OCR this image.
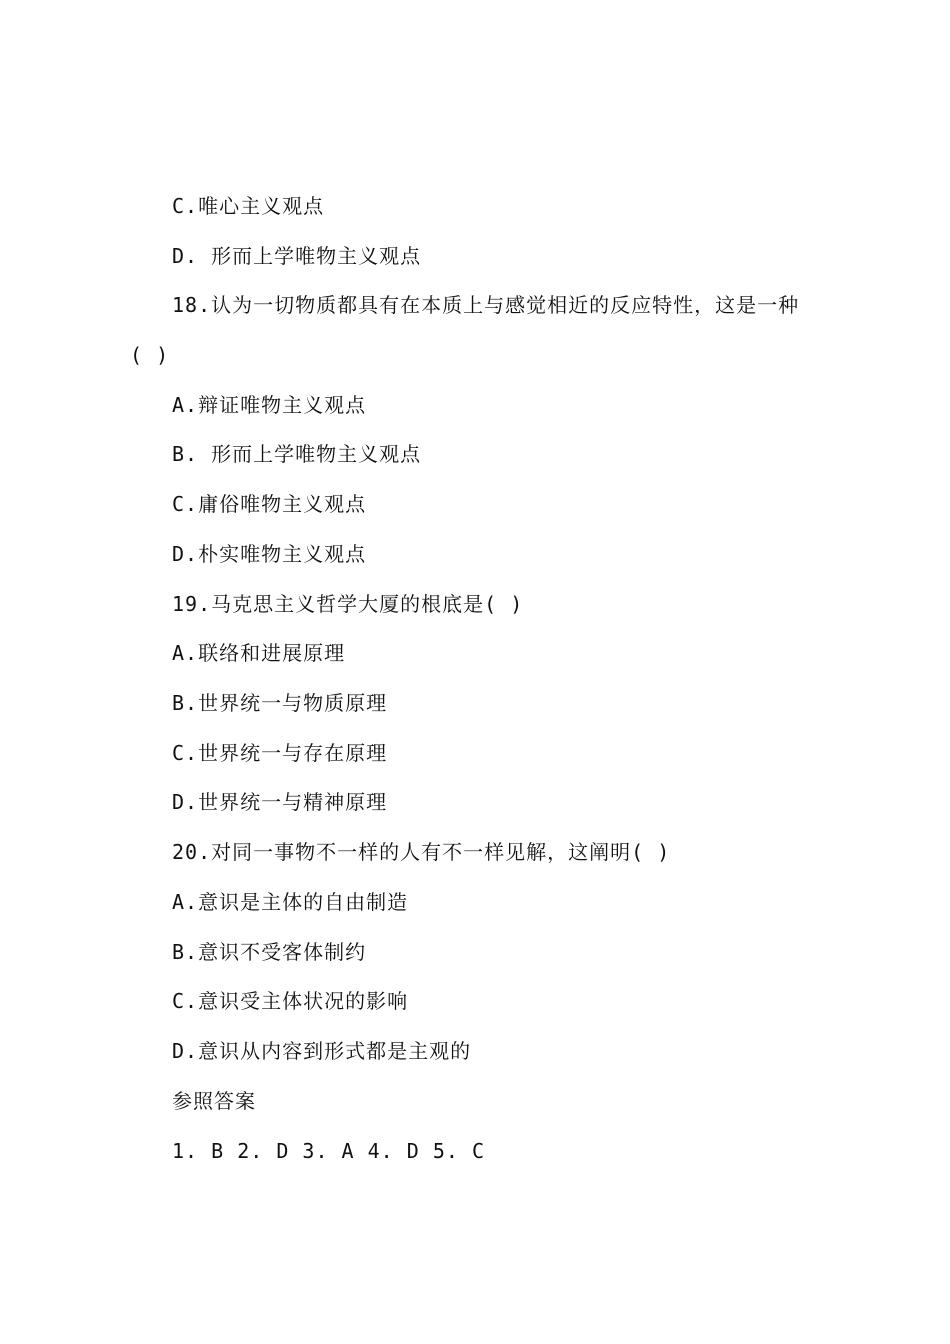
C.唯心主义观点
D. 形而上学唯物主义观点
18.认为一切物质都具有在本质上与感觉相近的反应特性，这是一种
( )
A.辩证唯物主义观点
B. 形而上学唯物主义观点
C.庸俗唯物主义观点
D.朴实唯物主义观点
19.马克思主义哲学大厦的根底是( )
A.联络和进展原理
B.世界统一与物质原理
C.世界统一与存在原理
D.世界统一与精神原理
20.对同一事物不一样的人有不一样见解，这阐明( )
A.意识是主体的自由制造
B.意识不受客体制约
C.意识受主体状况的影响
D.意识从内容到形式都是主观的
参照答案
1. B 2. D 3. A 4. D 5. C
